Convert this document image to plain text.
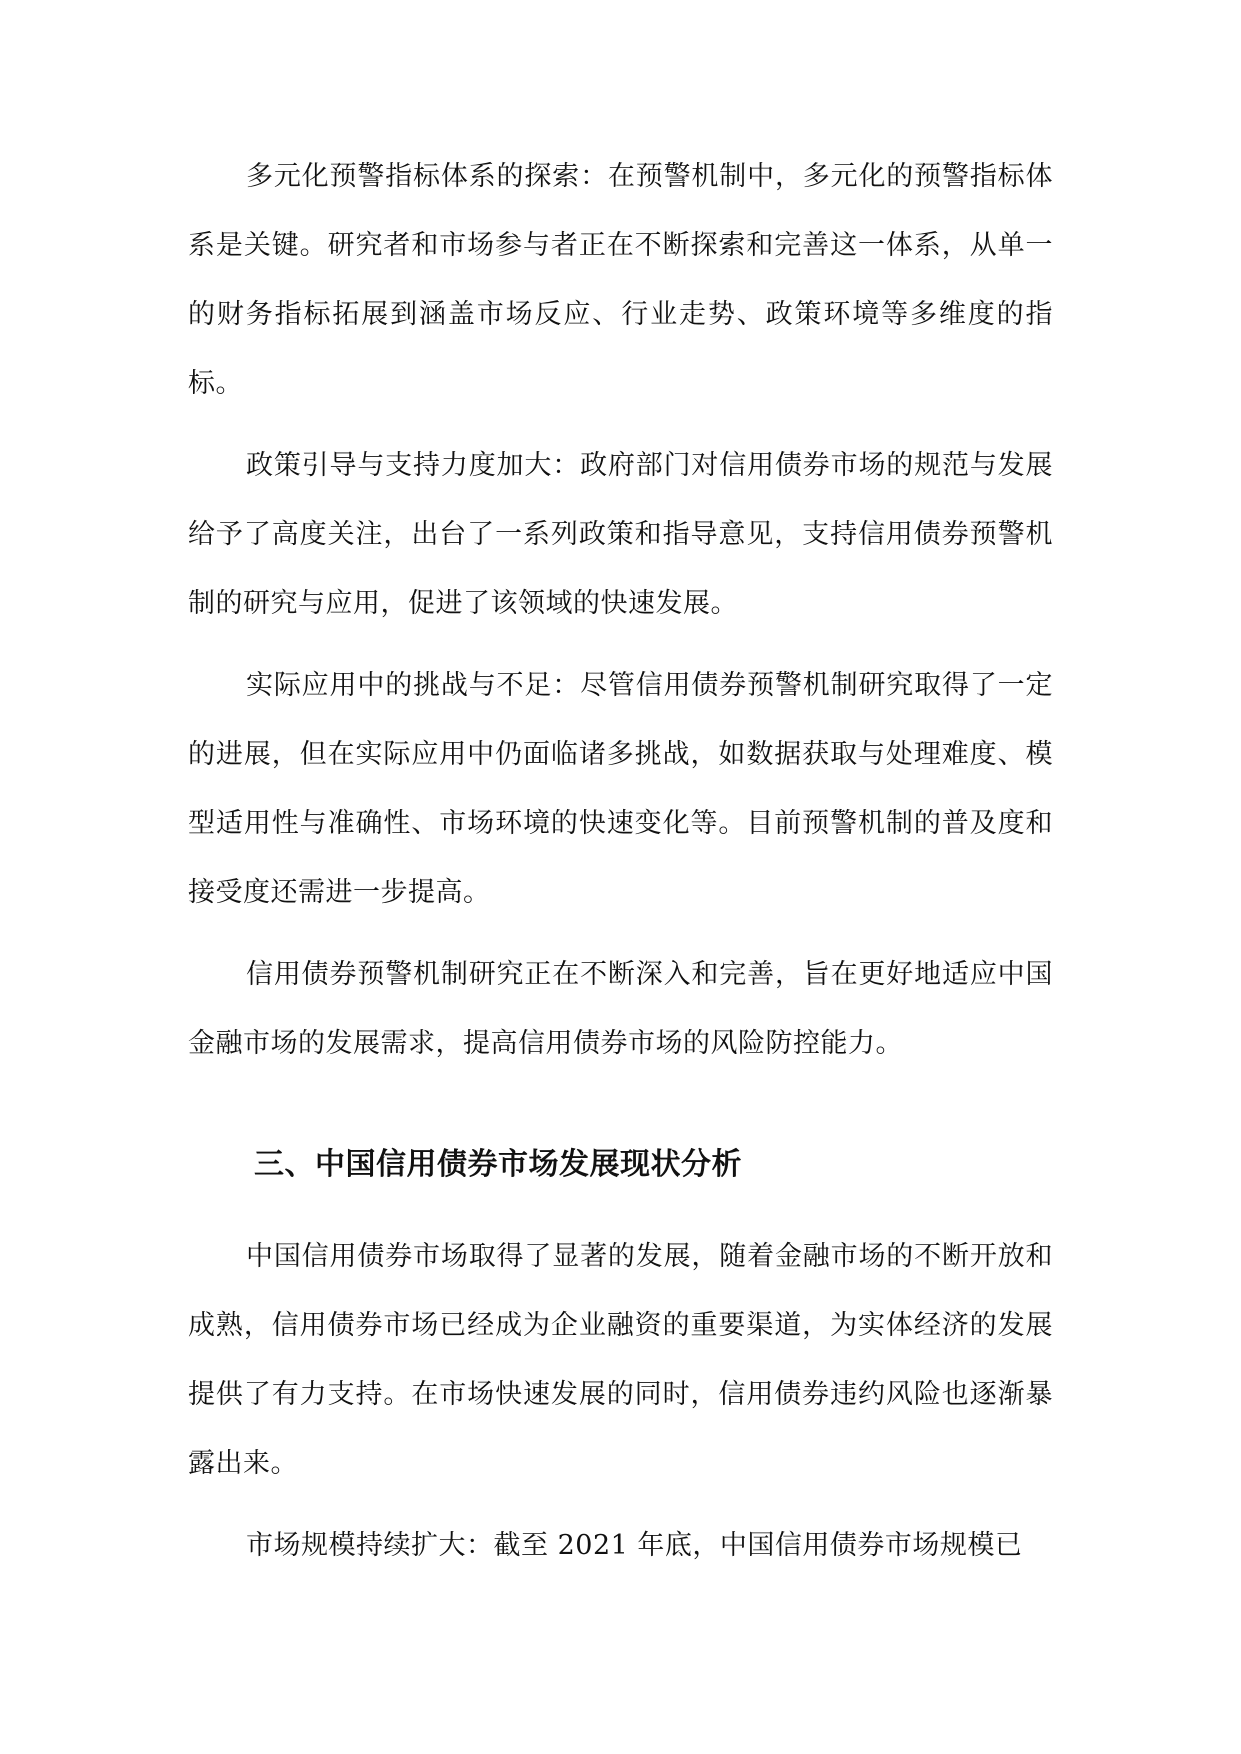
多元化预警指标体系的探索：在预警机制中，多元化的预警指标体系是关键。研究者和市场参与者正在不断探索和完善这一体系，从单一的财务指标拓展到涵盖市场反应、行业走势、政策环境等多维度的指标。

政策引导与支持力度加大：政府部门对信用债券市场的规范与发展给予了高度关注，出台了一系列政策和指导意见，支持信用债券预警机制的研究与应用，促进了该领域的快速发展。

实际应用中的挑战与不足：尽管信用债券预警机制研究取得了一定的进展，但在实际应用中仍面临诸多挑战，如数据获取与处理难度、模型适用性与准确性、市场环境的快速变化等。目前预警机制的普及度和接受度还需进一步提高。

信用债券预警机制研究正在不断深入和完善，旨在更好地适应中国金融市场的发展需求，提高信用债券市场的风险防控能力。

三、中国信用债券市场发展现状分析

中国信用债券市场取得了显著的发展，随着金融市场的不断开放和成熟，信用债券市场已经成为企业融资的重要渠道，为实体经济的发展提供了有力支持。在市场快速发展的同时，信用债券违约风险也逐渐暴露出来。

市场规模持续扩大：截至 2021 年底，中国信用债券市场规模已
